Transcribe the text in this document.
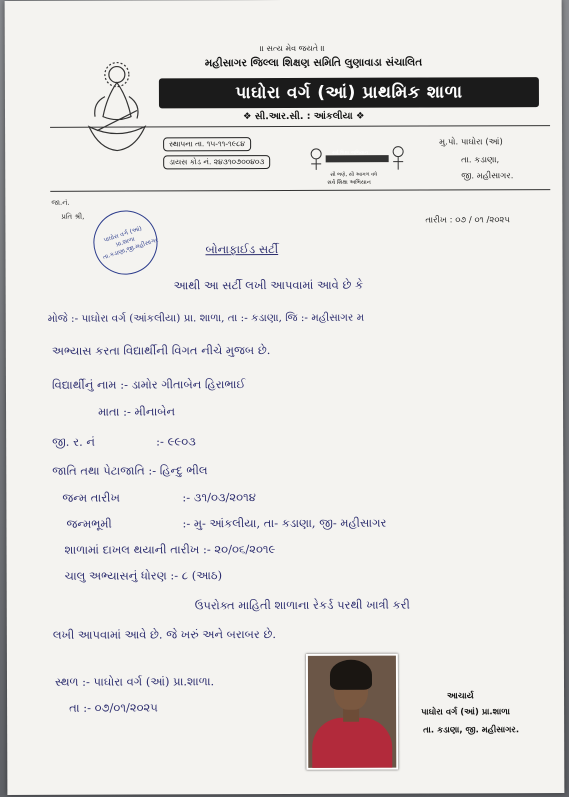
॥ સત્ય મેવ જયતે ॥
મહીસાગર જિલ્લા શિક્ષણ સમિતિ લુણાવાડા સંચાલિત
પાઘોરા વર્ગ (આં) પ્રાથમિક શાળા
❖ સી.આર.સી. : આંકલીયા ❖
સ્થાપના તા. ૧૫-૧૧-૧૯૮૪
ડાયસ કોડ નં. ૨૪૩૧૦૭૦૦૪૦૩
સર્વ શિક્ષા અભિયાન
સૌ ભણે, સૌ આગળ વધે
સર્વ શિક્ષા અભિયાન
મુ.પો. પાઘોરા (આં)
તા. કડાણા,
જી. મહીસાગર.
જા.નં.
પ્રતિ શ્રી,	તારીખ : ૦૭ / ૦૧ /૨૦૨૫
પાઘોરા વર્ગ (આં) પ્રા.શાળા તા.કડાણા,જી.મહીસાગર	બોનાફાઈડ સર્ટી
આથી આ સર્ટી લખી આપવામાં આવે છે કે
મોજે :- પાઘોરા વર્ગ (આંકલીયા) પ્રા. શાળા, તા :- કડાણા, જિ :- મહીસાગર મ
અભ્યાસ કરતા વિદ્યાર્થીની વિગત નીચે મુજબ છે.
વિદ્યાર્થીનું નામ :- ડામોર ગીતાબેન હિરાભાઈ
માતા :- મીનાબેન
જી. ર. નં	:- ૯૯૦૩
જાતિ તથા પેટાજાતિ :- હિન્દુ ભીલ
જન્મ તારીખ	:- ૩૧/૦૩/૨૦૧૪
જન્મભૂમી	:- મુ- આંકલીયા, તા- કડાણા, જી- મહીસાગર
શાળામાં દાખલ થયાની તારીખ :- ૨૦/૦૬/૨૦૧૯
ચાલુ અભ્યાસનું ધોરણ :- ૮ (આઠ)
ઉપરોક્ત માહિતી શાળાના રેકર્ડ પરથી ખાત્રી કરી
લખી આપવામાં આવે છે. જે ખરું અને બરાબર છે.
સ્થળ :- પાઘોરા વર્ગ (આં) પ્રા.શાળા.
તા :- ૦૭/૦૧/૨૦૨૫
આચાર્ય
પાઘોરા વર્ગ (આં) પ્રા.શાળા
તા. કડાણા, જી. મહીસાગર.
